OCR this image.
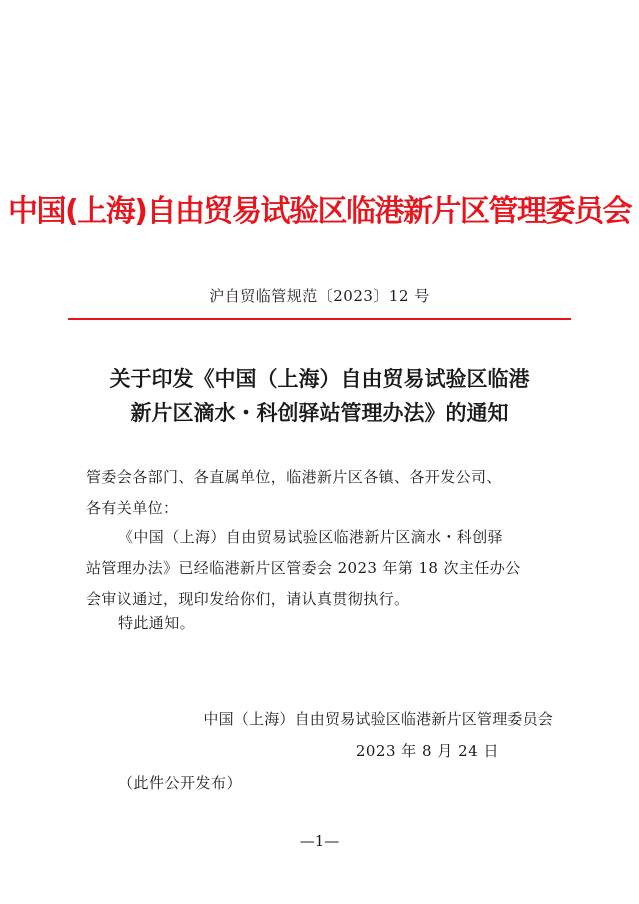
中国(上海)自由贸易试验区临港新片区管理委员会
沪自贸临管规范〔2023〕12 号
关于印发《中国（上海）自由贸易试验区临港
新片区滴水・科创驿站管理办法》的通知
管委会各部门、各直属单位，临港新片区各镇、各开发公司、
各有关单位：
《中国（上海）自由贸易试验区临港新片区滴水・科创驿
站管理办法》已经临港新片区管委会 2023 年第 18 次主任办公
会审议通过，现印发给你们，请认真贯彻执行。
特此通知。
中国（上海）自由贸易试验区临港新片区管理委员会
2023 年 8 月 24 日
（此件公开发布）
—1—
